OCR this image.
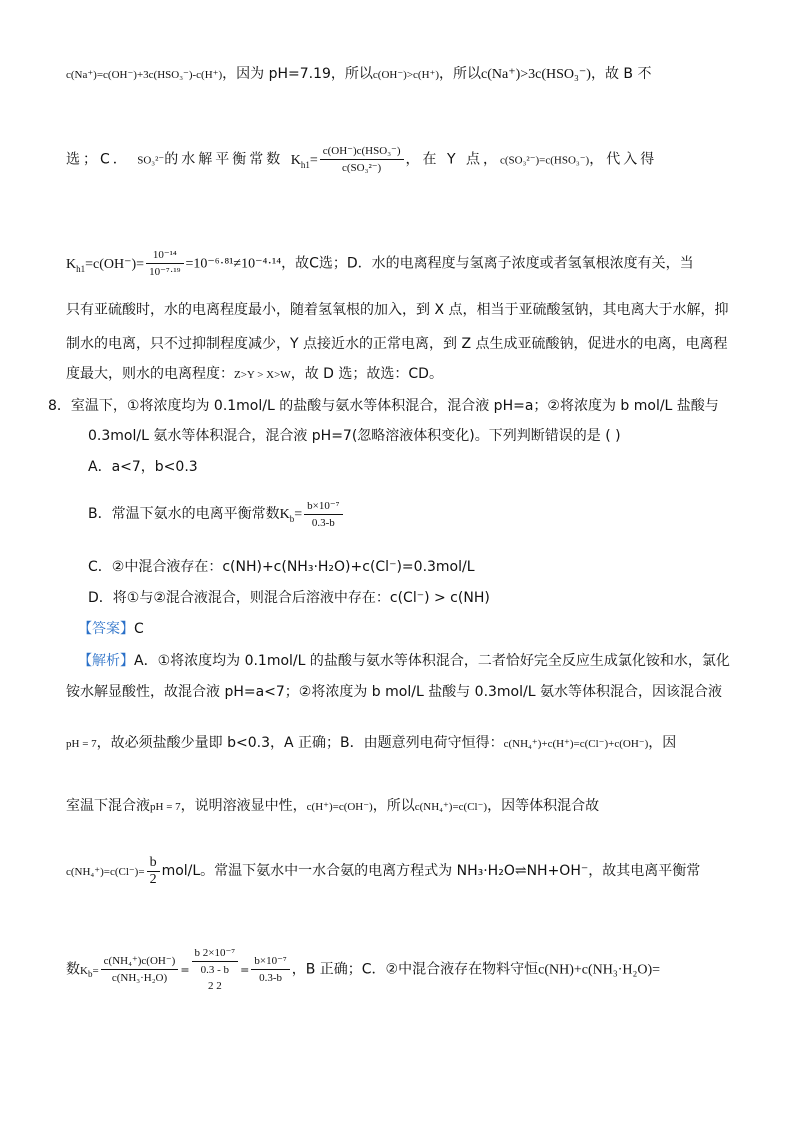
c(Na⁺)=c(OH⁻)+3c(HSO₃⁻)-c(H⁺)，因为 pH=7.19，所以c(OH⁻)>c(H⁺)，所以c(Na⁺)>3c(HSO₃⁻)，故 B 不
选；C． SO₃²⁻的水解平衡常数 $K_{h1}= \frac{\text{c(OH⁻)c(HSO₃⁻)}}{\text{c(SO₃²⁻)}}$ ，在 Y 点，c(SO₃²⁻)=c(HSO₃⁻)，代入得
$K_{h1}=c(OH^-)= \frac{\text{10⁻¹⁴}}{\text{10⁻⁷·¹⁹}} =10^{-6}\cdot^{81}\ne 10^{-4}\cdot^{14}$，故C选；D．水的电离程度与氢离子浓度或者氢氧根浓度有关，当
只有亚硫酸时，水的电离程度最小，随着氢氧根的加入，到 X 点，相当于亚硫酸氢钠，其电离大于水解，抑
制水的电离，只不过抑制程度减少，Y 点接近水的正常电离，到 Z 点生成亚硫酸钠，促进水的电离，电离程
度最大，则水的电离程度：Z>Y > X>W，故 D 选；故选：CD。
8．室温下，①将浓度均为 0.1mol/L 的盐酸与氨水等体积混合，混合液 pH=a；②将浓度为 b mol/L 盐酸与
0.3mol/L 氨水等体积混合，混合液 pH=7(忽略溶液体积变化)。下列判断错误的是 ( )
A．a<7，b<0.3
B．常温下氨水的电离平衡常数$K_b= \frac{\text{b×10⁻⁷}}{0.3-b}$
C．②中混合液存在：c(NH)+c(NH₃·H₂O)+c(Cl⁻)=0.3mol/L
D．将①与②混合液混合，则混合后溶液中存在：c(Cl⁻) > c(NH)
【答案】C
【解析】A．①将浓度均为 0.1mol/L 的盐酸与氨水等体积混合，二者恰好完全反应生成氯化铵和水，氯化
铵水解显酸性，故混合液 pH=a<7；②将浓度为 b mol/L 盐酸与 0.3mol/L 氨水等体积混合，因该混合液
pH = 7，故必须盐酸少量即 b<0.3，A 正确；B．由题意列电荷守恒得：c(NH₄⁺)+c(H⁺)=c(Cl⁻)+c(OH⁻)，因
室温下混合液pH = 7，说明溶液显中性，c(H⁺)=c(OH⁻)，所以c(NH₄⁺)=c(Cl⁻)，因等体积混合故
$c(NH_4^+)=c(Cl^-)= \frac{b}{2} mol/L$。常温下氨水中一水合氨的电离方程式为 NH₃·H₂O⇌NH+OH⁻，故其电离平衡常
数$K_b= \frac{\text{c(NH₄⁺)c(OH⁻)}}{\text{c(NH₃·H₂O)}}$ =
b 2×10⁻⁷
0.3 - b
2 2
= $\frac{\text{b×10⁻⁷}}{0.3-b}$ ，B 正确；C．②中混合液存在物料守恒c(NH)+c(NH₃·H₂O)=
